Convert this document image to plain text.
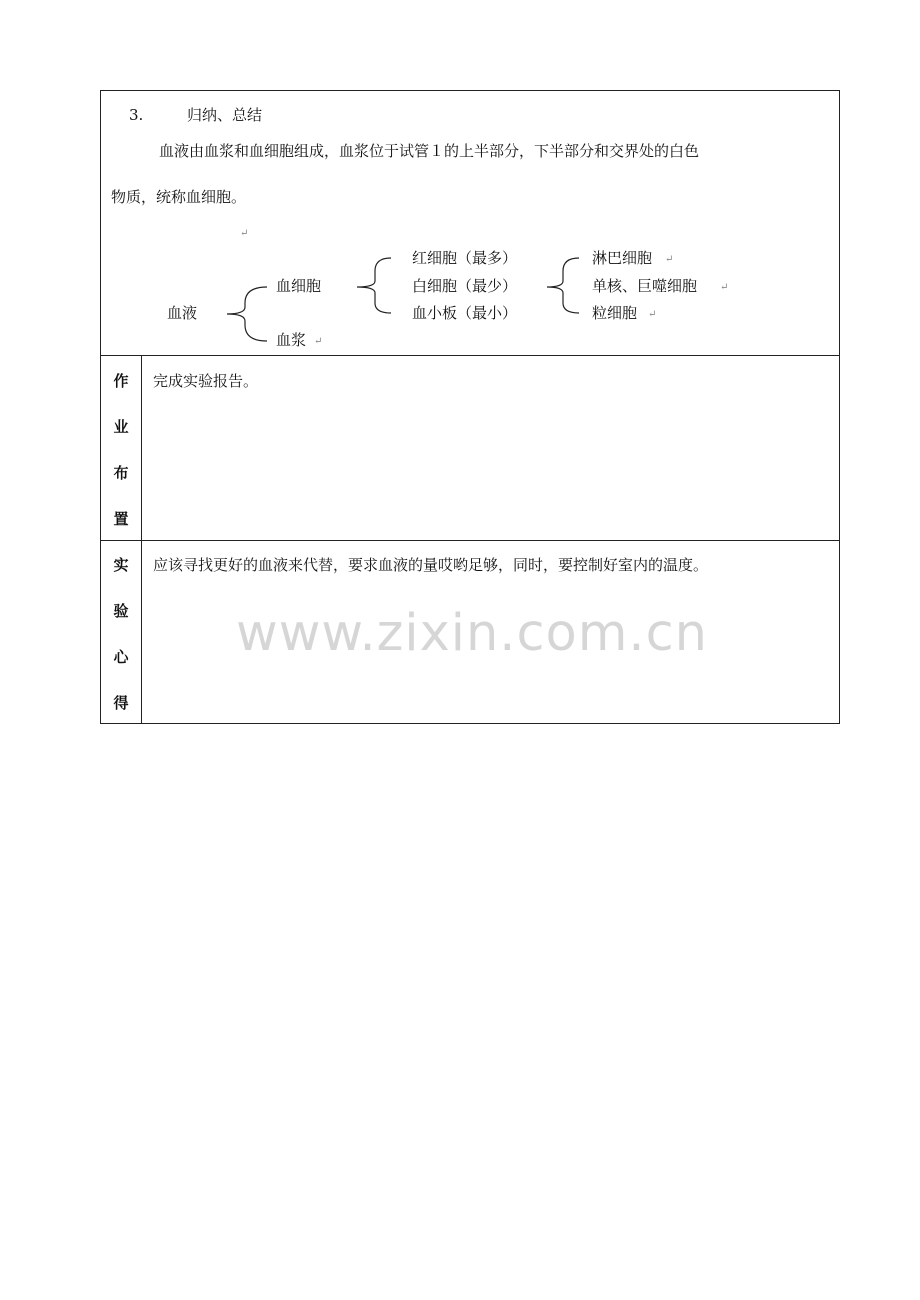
3.	归纳、总结
血液由血浆和血细胞组成，血浆位于试管１的上半部分，下半部分和交界处的白色
物质，统称血细胞。
↵
血液
血细胞
血浆 ↵
红细胞（最多）
白细胞（最少）
血小板（最小）
淋巴细胞 ↵
单核、巨噬细胞 ↵
粒细胞 ↵
作
业
布
置
完成实验报告。
实
验
心
得
应该寻找更好的血液来代替，要求血液的量哎哟足够，同时，要控制好室内的温度。
www.zixin.com.cn
